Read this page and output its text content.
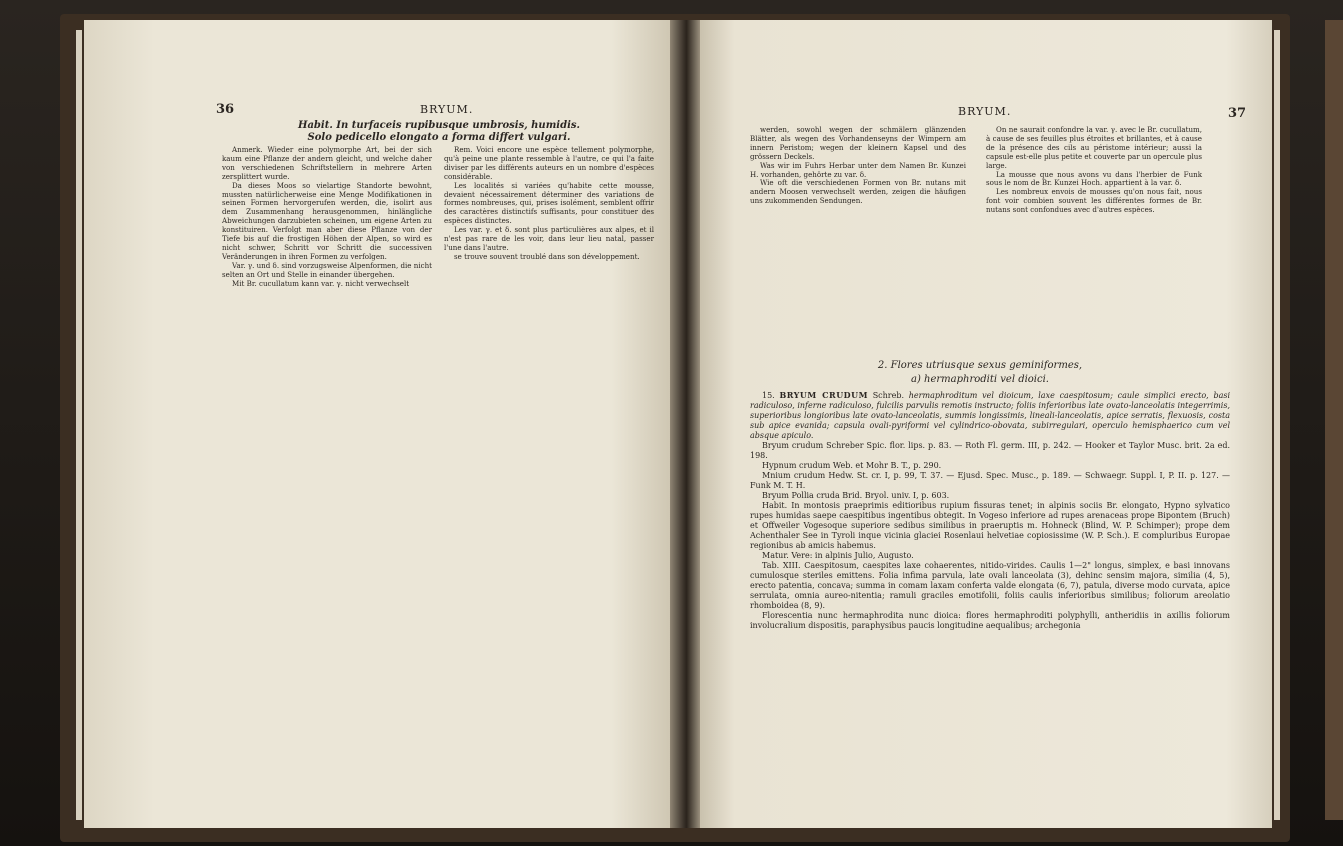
36	BRYUM.
Habit. In turfaceis rupibusque umbrosis, humidis.
Solo pedicello elongato a forma differt vulgari.

Anmerk. Wieder eine polymorphe Art, bei der sich kaum eine Pflanze der andern gleicht, und welche daher von verschiedenen Schriftstellern in mehrere Arten zersplittert wurde.

Da dieses Moos so vielartige Standorte bewohnt, mussten natürlicherweise eine Menge Modifikationen in seinen Formen hervorgerufen werden, die, isolirt aus dem Zusammenhang herausgenommen, hinlängliche Abweichungen darzubieten scheinen, um eigene Arten zu konstituiren. Verfolgt man aber diese Pflanze von der Tiefe bis auf die frostigen Höhen der Alpen, so wird es nicht schwer, Schritt vor Schritt die successiven Veränderungen in ihren Formen zu verfolgen.

Var. γ. und δ. sind vorzugsweise Alpenformen, die nicht selten an Ort und Stelle in einander übergehen.

Mit Br. cucullatum kann var. γ. nicht verwechselt

Rem. Voici encore une espèce tellement polymorphe, qu'à peine une plante ressemble à l'autre, ce qui l'a faite diviser par les différents auteurs en un nombre d'espèces considérable.

Les localités si variées qu'habite cette mousse, devaient nécessairement déterminer des variations de formes nombreuses, qui, prises isolément, semblent offrir des caractères distinctifs suffisants, pour constituer des espèces distinctes.

Les var. γ. et δ. sont plus particulières aux alpes, et il n'est pas rare de les voir, dans leur lieu natal, passer l'une dans l'autre.

se trouve souvent troublé dans son développement.

BRYUM.	37

werden, sowohl wegen der schmälern glänzenden Blätter, als wegen des Vorhandenseyns der Wimpern am innern Peristom; wegen der kleinern Kapsel und des grössern Deckels.

Was wir im Fuhrs Herbar unter dem Namen Br. Kunzei H. vorhanden, gehörte zu var. δ.

Wie oft die verschiedenen Formen von Br. nutans mit andern Moosen verwechselt werden, zeigen die häufigen uns zukommenden Sendungen.

On ne saurait confondre la var. γ. avec le Br. cucullatum, à cause de ses feuilles plus étroites et brillantes, et à cause de la présence des cils au péristome intérieur; aussi la capsule est-elle plus petite et couverte par un opercule plus large.

La mousse que nous avons vu dans l'herbier de Funk sous le nom de Br. Kunzei Hoch. appartient à la var. δ.

Les nombreux envois de mousses qu'on nous fait, nous font voir combien souvent les différentes formes de Br. nutans sont confondues avec d'autres espèces.

2. Flores utriusque sexus geminiformes,
a) hermaphroditi vel dioici.

15. BRYUM CRUDUM Schreb. hermaphroditum vel dioicum, laxe caespitosum; caule simplici erecto, basi radiculoso, inferne radiculoso, fulcilis parvulis remotis instructo; foliis inferioribus late ovato-lanceolatis integerrimis, superioribus longioribus late ovato-lanceolatis, summis longissimis, lineali-lanceolatis, apice serratis, flexuosis, costa sub apice evanida; capsula ovali-pyriformi vel cylindrico-obovata, subirregulari, operculo hemisphaerico cum vel absque apiculo.

Bryum crudum Schreber Spic. flor. lips. p. 83. — Roth Fl. germ. III, p. 242. — Hooker et Taylor Musc. brit. 2a ed. 198.

Hypnum crudum Web. et Mohr B. T., p. 290.

Mnium crudum Hedw. St. cr. I, p. 99, T. 37. — Ejusd. Spec. Musc., p. 189. — Schwaegr. Suppl. I, P. II. p. 127. — Funk M. T. H.

Bryum Pollia cruda Brid. Bryol. univ. I, p. 603.

Habit. In montosis praeprimis editioribus rupium fissuras tenet; in alpinis sociis Br. elongato, Hypno sylvatico rupes humidas saepe caespitibus ingentibus obtegit. In Vogeso inferiore ad rupes arenaceas prope Bipontem (Bruch) et Offweiler Vogesoque superiore sedibus similibus in praeruptis m. Hohneck (Blind, W. P. Schimper); prope dem Achenthaler See in Tyroli inque vicinia glaciei Rosenlaui helvetiae copiosissime (W. P. Sch.). E compluribus Europae regionibus ab amicis habemus.

Matur. Vere: in alpinis Julio, Augusto.

Tab. XIII. Caespitosum, caespites laxe cohaerentes, nitido-virides. Caulis 1—2" longus, simplex, e basi innovans cumulosque steriles emittens. Folia infima parvula, late ovali lanceolata (3), dehinc sensim majora, similia (4, 5), erecto patentia, concava; summa in comam laxam conferta valde elongata (6, 7), patula, diverse modo curvata, apice serrulata, omnia aureo-nitentia; ramuli graciles emotifolii, foliis caulis inferioribus similibus; foliorum areolatio rhomboidea (8, 9).

Florescentia nunc hermaphrodita nunc dioica: flores hermaphroditi polyphylli, antheridiis in axillis foliorum involucralium dispositis, paraphysibus paucis longitudine aequalibus; archegonia
